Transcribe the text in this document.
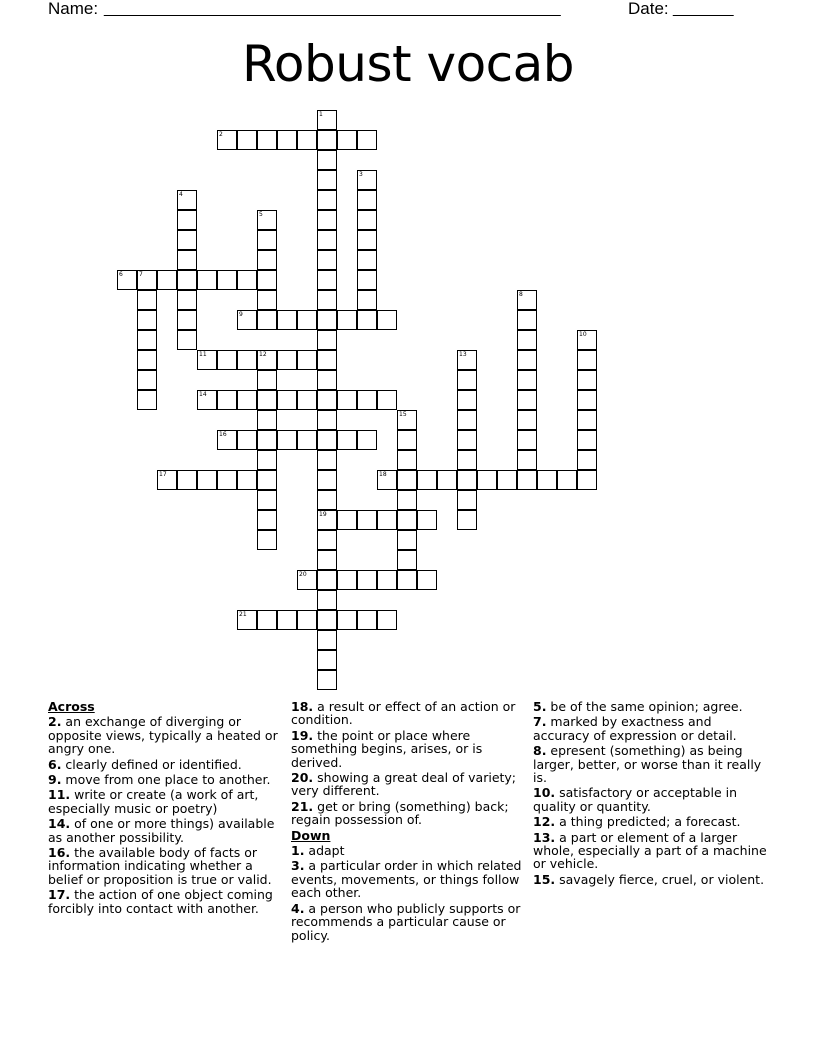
Name: ______________________________________________________	Date: _______
Robust vocab
1
2
3
4
5
6	7
8
9
10
11	12	13
14
15
16
17	18
19
20
21
Across
2. an exchange of diverging or opposite views, typically a heated or angry one.
6. clearly defined or identified.
9. move from one place to another.
11. write or create (a work of art, especially music or poetry)
14. of one or more things) available as another possibility.
16. the available body of facts or information indicating whether a belief or proposition is true or valid.
17. the action of one object coming forcibly into contact with another.
18. a result or effect of an action or condition.
19. the point or place where something begins, arises, or is derived.
20. showing a great deal of variety; very different.
21. get or bring (something) back; regain possession of.
Down
1. adapt
3. a particular order in which related events, movements, or things follow each other.
4. a person who publicly supports or recommends a particular cause or policy.
5. be of the same opinion; agree.
7. marked by exactness and accuracy of expression or detail.
8. epresent (something) as being larger, better, or worse than it really is.
10. satisfactory or acceptable in quality or quantity.
12. a thing predicted; a forecast.
13. a part or element of a larger whole, especially a part of a machine or vehicle.
15. savagely fierce, cruel, or violent.
